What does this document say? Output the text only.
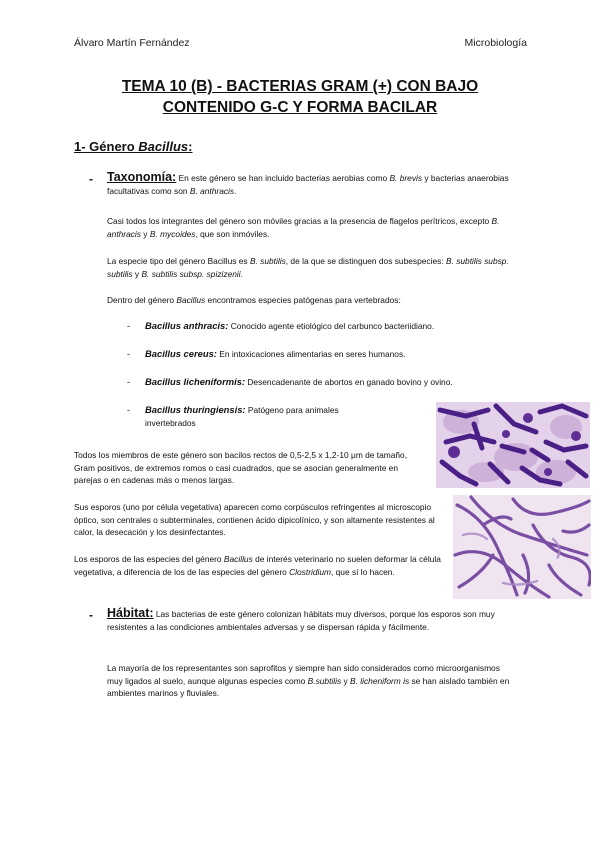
Álvaro Martín Fernández	Microbiología
TEMA 10 (B) - BACTERIAS GRAM (+) CON BAJO
CONTENIDO G-C Y FORMA BACILAR
1- Género Bacillus:
- Taxonomía: En este género se han incluido bacterias aerobias como B. brevis y bacterias anaerobias facultativas como son B. anthracis.

Casi todos los integrantes del género son móviles gracias a la presencia de flagelos perítricos, excepto B. anthracis y B. mycoides, que son inmóviles.

La especie tipo del género Bacillus es B. subtilis, de la que se distinguen dos subespecies: B. subtilis subsp. subtilis y B. subtilis subsp. spizizenii.

Dentro del género Bacillus encontramos especies patógenas para vertebrados:

- Bacillus anthracis: Conocido agente etiológico del carbunco bacteriidiano.

- Bacillus cereus: En intoxicaciones alimentarias en seres humanos.

- Bacillus licheniformis: Desencadenante de abortos en ganado bovino y ovino.

- Bacillus thuringiensis: Patógeno para animales invertebrados

Todos los miembros de este género son bacilos rectos de 0,5-2,5 x 1,2-10 μm de tamaño, Gram positivos, de extremos romos o casi cuadrados, que se asocian generalmente en parejas o en cadenas más o menos largas.

Sus esporos (uno por célula vegetativa) aparecen como corpúsculos refringentes al microscopio óptico, son centrales o subterminales, contienen ácido dipicolínico, y son altamente resistentes al calor, la desecación y los desinfectantes.

Los esporos de las especies del género Bacillus de interés veterinario no suelen deformar la célula vegetativa, a diferencia de los de las especies del género Clostridium, que sí lo hacen.

- Hábitat: Las bacterias de este género colonizan hábitats muy diversos, porque los esporos son muy resistentes a las condiciones ambientales adversas y se dispersan rápida y fácilmente.

La mayoría de los representantes son saprofitos y siempre han sido considerados como microorganismos muy ligados al suelo, aunque algunas especies como B.subtilis y B. licheniform is se han aislado también en ambientes marinos y fluviales.
